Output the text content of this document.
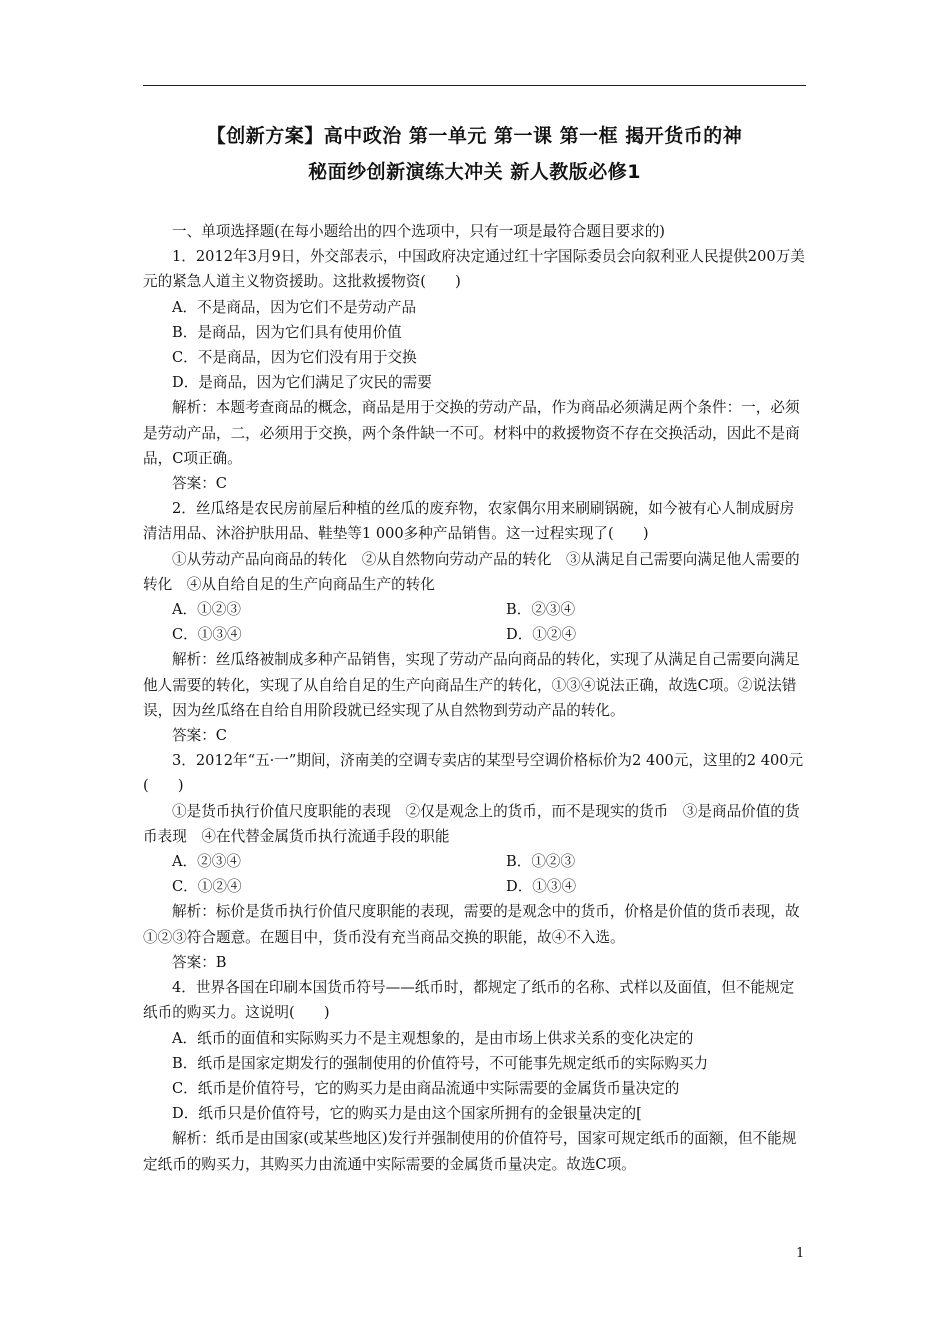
【创新方案】高中政治 第一单元 第一课 第一框 揭开货币的神
秘面纱创新演练大冲关 新人教版必修1

一、单项选择题(在每小题给出的四个选项中，只有一项是最符合题目要求的)

1．2012年3月9日，外交部表示，中国政府决定通过红十字国际委员会向叙利亚人民提供200万美元的紧急人道主义物资援助。这批救援物资(　　)

A．不是商品，因为它们不是劳动产品

B．是商品，因为它们具有使用价值

C．不是商品，因为它们没有用于交换

D．是商品，因为它们满足了灾民的需要

解析：本题考查商品的概念，商品是用于交换的劳动产品，作为商品必须满足两个条件：一，必须是劳动产品，二，必须用于交换，两个条件缺一不可。材料中的救援物资不存在交换活动，因此不是商品，C项正确。

答案：C

2．丝瓜络是农民房前屋后种植的丝瓜的废弃物，农家偶尔用来刷刷锅碗，如今被有心人制成厨房清洁用品、沐浴护肤用品、鞋垫等1 000多种产品销售。这一过程实现了(　　)

①从劳动产品向商品的转化　②从自然物向劳动产品的转化　③从满足自己需要向满足他人需要的转化　④从自给自足的生产向商品生产的转化

A．①②③	B．②③④
C．①③④	D．①②④

解析：丝瓜络被制成多种产品销售，实现了劳动产品向商品的转化，实现了从满足自己需要向满足他人需要的转化，实现了从自给自足的生产向商品生产的转化，①③④说法正确，故选C项。②说法错误，因为丝瓜络在自给自用阶段就已经实现了从自然物到劳动产品的转化。

答案：C

3．2012年“五·一”期间，济南美的空调专卖店的某型号空调价格标价为2 400元，这里的2 400元(　　)

①是货币执行价值尺度职能的表现　②仅是观念上的货币，而不是现实的货币　③是商品价值的货币表现　④在代替金属货币执行流通手段的职能

A．②③④	B．①②③
C．①②④	D．①③④

解析：标价是货币执行价值尺度职能的表现，需要的是观念中的货币，价格是价值的货币表现，故①②③符合题意。在题目中，货币没有充当商品交换的职能，故④不入选。

答案：B

4．世界各国在印刷本国货币符号——纸币时，都规定了纸币的名称、式样以及面值，但不能规定纸币的购买力。这说明(　　)

A．纸币的面值和实际购买力不是主观想象的，是由市场上供求关系的变化决定的

B．纸币是国家定期发行的强制使用的价值符号，不可能事先规定纸币的实际购买力

C．纸币是价值符号，它的购买力是由商品流通中实际需要的金属货币量决定的

D．纸币只是价值符号，它的购买力是由这个国家所拥有的金银量决定的[

解析：纸币是由国家(或某些地区)发行并强制使用的价值符号，国家可规定纸币的面额，但不能规定纸币的购买力，其购买力由流通中实际需要的金属货币量决定。故选C项。

1
